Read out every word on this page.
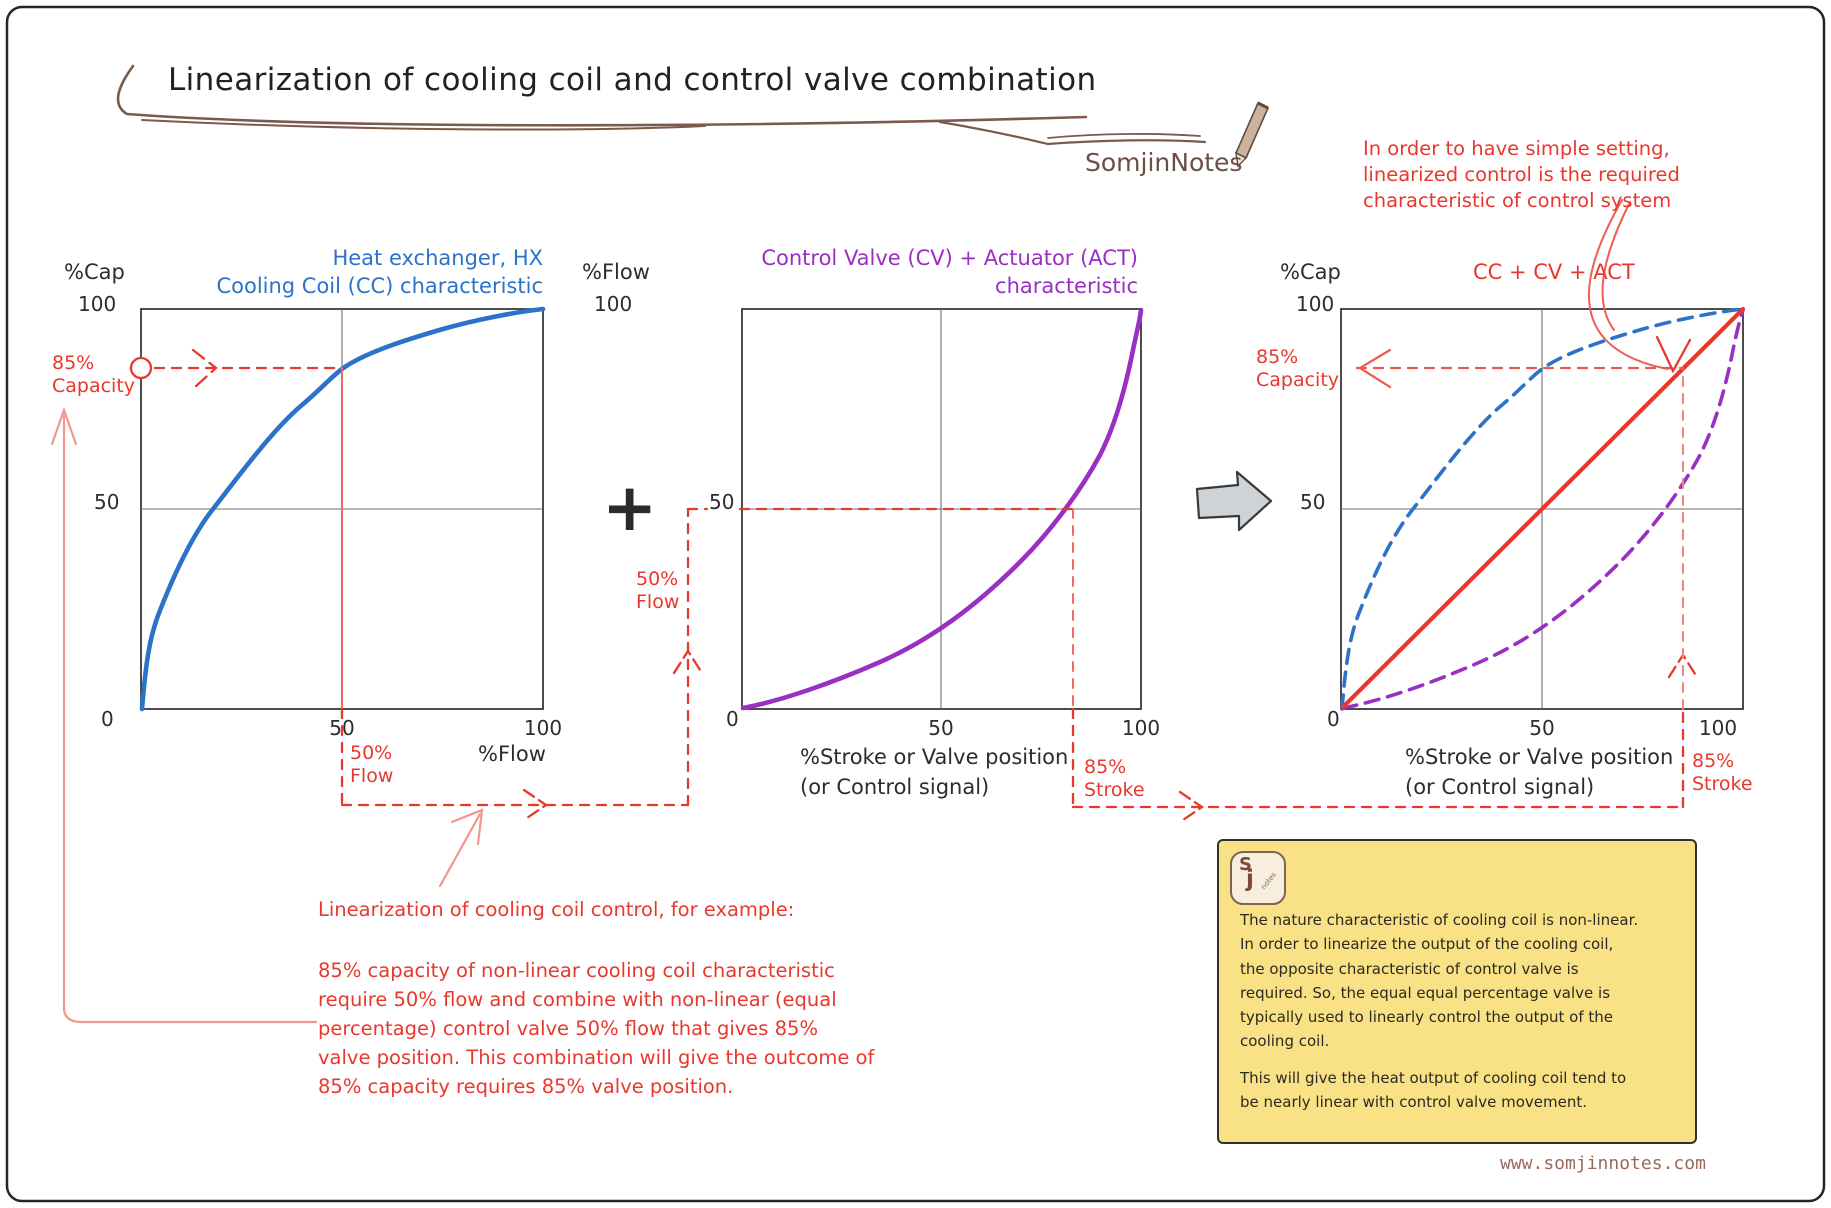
Linearization of cooling coil and control valve combination
SomjinNotes	In order to have simple setting,
linearized control is the required
characteristic of control system
%Cap
100
50
0	50	100
%Flow
Heat exchanger, HX
Cooling Coil (CC) characteristic
85%
Capacity
50%
Flow
+
%Flow
100
50
0	50	100
%Stroke or Valve position
(or Control signal)
Control Valve (CV) + Actuator (ACT)
characteristic
50%
Flow
85%
Stroke
%Cap
100
50
0	50	100
%Stroke or Valve position
(or Control signal)
CC + CV + ACT
85%
Capacity
85%
Stroke
Linearization of cooling coil control, for example:
85% capacity of non-linear cooling coil characteristic
require 50% flow and combine with non-linear (equal
percentage) control valve 50% flow that gives 85%
valve position. This combination will give the outcome of
85% capacity requires 85% valve position.
S
j notes
The nature characteristic of cooling coil is non-linear.
In order to linearize the output of the cooling coil,
the opposite characteristic of control valve is
required. So, the equal equal percentage valve is
typically used to linearly control the output of the
cooling coil.
This will give the heat output of cooling coil tend to
be nearly linear with control valve movement.
www.somjinnotes.com
